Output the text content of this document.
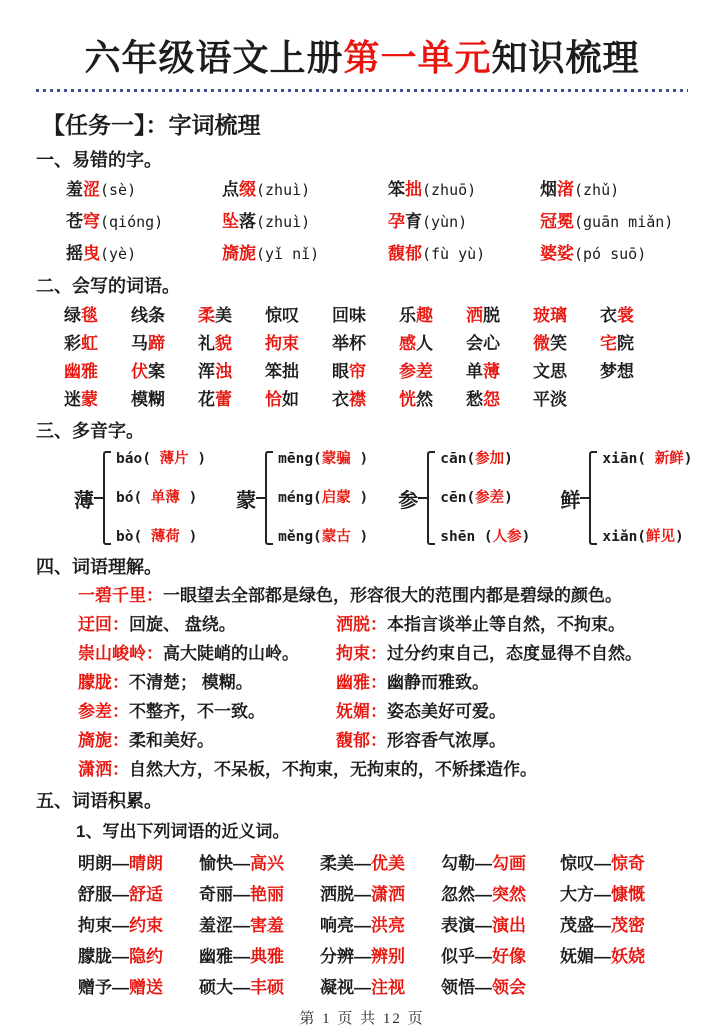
六年级语文上册第一单元知识梳理
【任务一】：字词梳理
一、易错的字。
羞涩(sè)	点缀(zhuì)	笨拙(zhuō)	烟渚(zhǔ)
苍穹(qióng)	坠落(zhuì)	孕育(yùn)	冠冕(guān miǎn)
摇曳(yè)	旖旎(yǐ nǐ)	馥郁(fù yù)	婆娑(pó suō)
二、会写的词语。
绿毯	线条	柔美	惊叹	回味	乐趣	洒脱	玻璃	衣裳
彩虹	马蹄	礼貌	拘束	举杯	感人	会心	微笑	宅院
幽雅	伏案	浑浊	笨拙	眼帘	参差	单薄	文思	梦想
迷蒙	模糊	花蕾	恰如	衣襟	恍然	愁怨	平淡
三、多音字。
薄
báo( 薄片 )
bó( 单薄 )
bò( 薄荷 )
蒙
mēng(蒙骗 )
méng(启蒙 )
měng(蒙古 )
参
cān(参加)
cēn(参差)
shēn (人参)
鲜
xiān( 新鲜)
xiǎn(鲜见)
四、词语理解。
一碧千里：一眼望去全部都是绿色，形容很大的范围内都是碧绿的颜色。
迂回：回旋、 盘绕。	洒脱：本指言谈举止等自然，不拘束。
崇山峻岭：高大陡峭的山岭。	拘束：过分约束自己，态度显得不自然。
朦胧：不清楚； 模糊。	幽雅：幽静而雅致。
参差：不整齐，不一致。	妩媚：姿态美好可爱。
旖旎：柔和美好。	馥郁：形容香气浓厚。
潇洒：自然大方，不呆板，不拘束，无拘束的，不矫揉造作。
五、词语积累。
1、写出下列词语的近义词。
明朗—晴朗	愉快—高兴	柔美—优美	勾勒—勾画	惊叹—惊奇
舒服—舒适	奇丽—艳丽	洒脱—潇洒	忽然—突然	大方—慷慨
拘束—约束	羞涩—害羞	响亮—洪亮	表演—演出	茂盛—茂密
朦胧—隐约	幽雅—典雅	分辨—辨别	似乎—好像	妩媚—妖娆
赠予—赠送	硕大—丰硕	凝视—注视	领悟—领会
第 1 页 共 12 页
